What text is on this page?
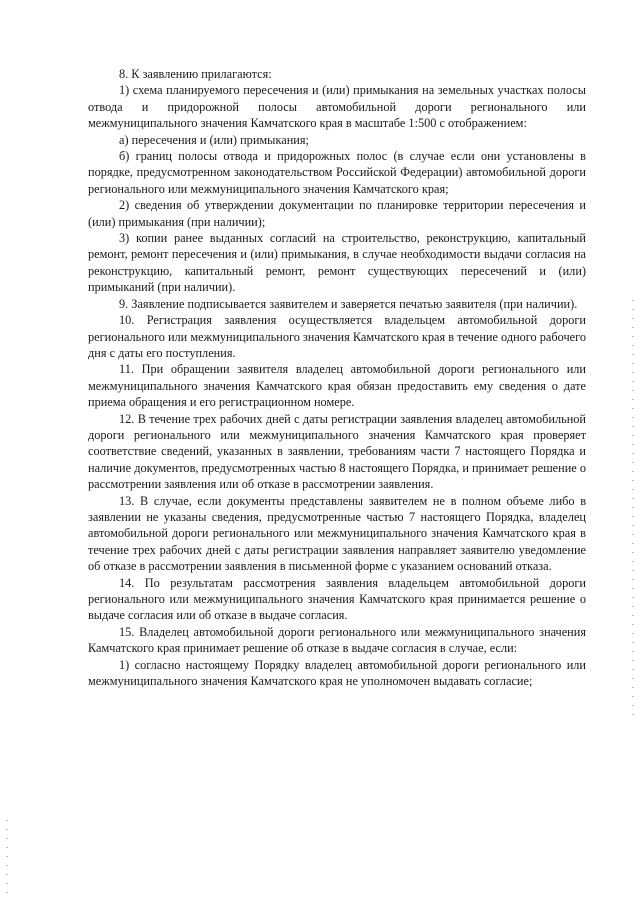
8. К заявлению прилагаются:

1) схема планируемого пересечения и (или) примыкания на земельных участках полосы отвода и придорожной полосы автомобильной дороги регионального или межмуниципального значения Камчатского края в масштабе 1:500 с отображением:

а) пересечения и (или) примыкания;

б) границ полосы отвода и придорожных полос (в случае если они установлены в порядке, предусмотренном законодательством Российской Федерации) автомобильной дороги регионального или межмуниципального значения Камчатского края;

2) сведения об утверждении документации по планировке территории пересечения и (или) примыкания (при наличии);

3) копии ранее выданных согласий на строительство, реконструкцию, капитальный ремонт, ремонт пересечения и (или) примыкания, в случае необходимости выдачи согласия на реконструкцию, капитальный ремонт, ремонт существующих пересечений и (или) примыканий (при наличии).

9. Заявление подписывается заявителем и заверяется печатью заявителя (при наличии).

10. Регистрация заявления осуществляется владельцем автомобильной дороги регионального или межмуниципального значения Камчатского края в течение одного рабочего дня с даты его поступления.

11. При обращении заявителя владелец автомобильной дороги регионального или межмуниципального значения Камчатского края обязан предоставить ему сведения о дате приема обращения и его регистрационном номере.

12. В течение трех рабочих дней с даты регистрации заявления владелец автомобильной дороги регионального или межмуниципального значения Камчатского края проверяет соответствие сведений, указанных в заявлении, требованиям части 7 настоящего Порядка и наличие документов, предусмотренных частью 8 настоящего Порядка, и принимает решение о рассмотрении заявления или об отказе в рассмотрении заявления.

13. В случае, если документы представлены заявителем не в полном объеме либо в заявлении не указаны сведения, предусмотренные частью 7 настоящего Порядка, владелец автомобильной дороги регионального или межмуниципального значения Камчатского края в течение трех рабочих дней с даты регистрации заявления направляет заявителю уведомление об отказе в рассмотрении заявления в письменной форме с указанием оснований отказа.

14. По результатам рассмотрения заявления владельцем автомобильной дороги регионального или межмуниципального значения Камчатского края принимается решение о выдаче согласия или об отказе в выдаче согласия.

15. Владелец автомобильной дороги регионального или межмуниципального значения Камчатского края принимает решение об отказе в выдаче согласия в случае, если:

1) согласно настоящему Порядку владелец автомобильной дороги регионального или межмуниципального значения Камчатского края не уполномочен выдавать согласие;
